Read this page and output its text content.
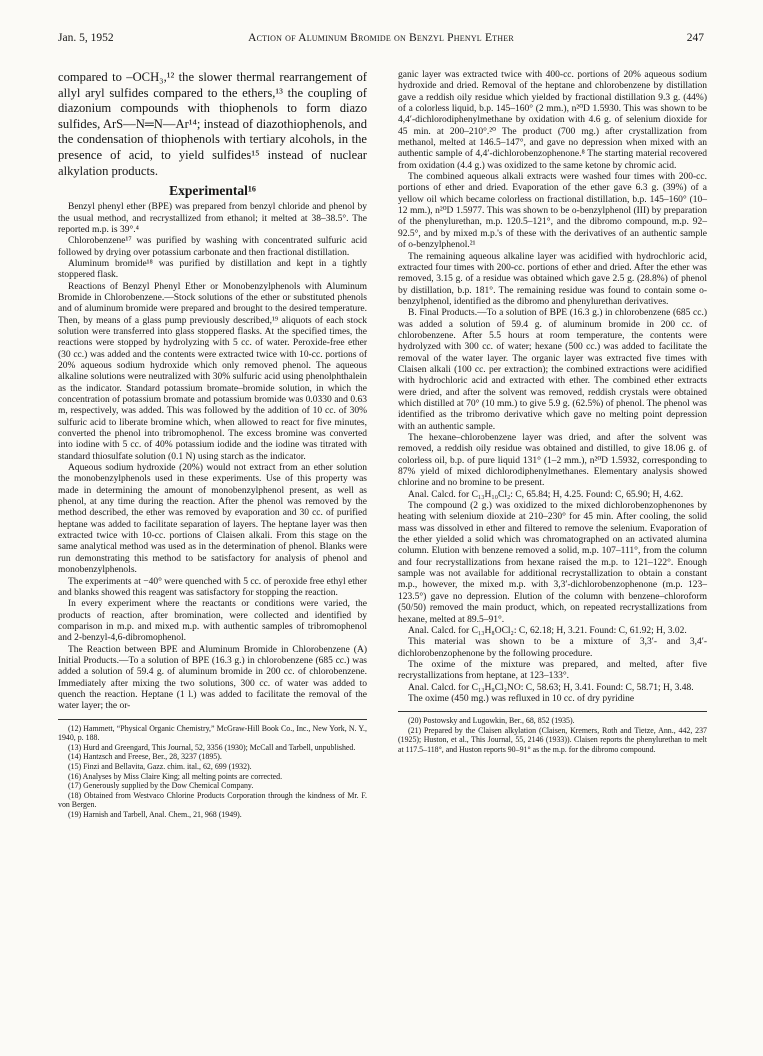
Jan. 5, 1952	Action of Aluminum Bromide on Benzyl Phenyl Ether	247

compared to –OCH₃,¹² the slower thermal rearrangement of allyl aryl sulfides compared to the ethers,¹³ the coupling of diazonium compounds with thiophenols to form diazo sulfides, ArS—N═N—Ar¹⁴; instead of diazothiophenols, and the condensation of thiophenols with tertiary alcohols, in the presence of acid, to yield sulfides¹⁵ instead of nuclear alkylation products.

Experimental¹⁶

Benzyl phenyl ether (BPE) was prepared from benzyl chloride and phenol by the usual method, and recrystallized from ethanol; it melted at 38–38.5°. The reported m.p. is 39°.⁴

Chlorobenzene¹⁷ was purified by washing with concentrated sulfuric acid followed by drying over potassium carbonate and then fractional distillation.

Aluminum bromide¹⁸ was purified by distillation and kept in a tightly stoppered flask.

Reactions of Benzyl Phenyl Ether or Monobenzylphenols with Aluminum Bromide in Chlorobenzene.—Stock solutions of the ether or substituted phenols and of aluminum bromide were prepared and brought to the desired temperature. Then, by means of a glass pump previously described,¹⁹ aliquots of each stock solution were transferred into glass stoppered flasks. At the specified times, the reactions were stopped by hydrolyzing with 5 cc. of water. Peroxide-free ether (30 cc.) was added and the contents were extracted twice with 10-cc. portions of 20% aqueous sodium hydroxide which only removed phenol. The aqueous alkaline solutions were neutralized with 30% sulfuric acid using phenolphthalein as the indicator. Standard potassium bromate–bromide solution, in which the concentration of potassium bromate and potassium bromide was 0.0330 and 0.63 m, respectively, was added. This was followed by the addition of 10 cc. of 30% sulfuric acid to liberate bromine which, when allowed to react for five minutes, converted the phenol into tribromophenol. The excess bromine was converted into iodine with 5 cc. of 40% potassium iodide and the iodine was titrated with standard thiosulfate solution (0.1 N) using starch as the indicator.

Aqueous sodium hydroxide (20%) would not extract from an ether solution the monobenzylphenols used in these experiments. Use of this property was made in determining the amount of monobenzylphenol present, as well as phenol, at any time during the reaction. After the phenol was removed by the method described, the ether was removed by evaporation and 30 cc. of purified heptane was added to facilitate separation of layers. The heptane layer was then extracted twice with 10-cc. portions of Claisen alkali. From this stage on the same analytical method was used as in the determination of phenol. Blanks were run demonstrating this method to be satisfactory for analysis of phenol and monobenzylphenols.

The experiments at −40° were quenched with 5 cc. of peroxide free ethyl ether and blanks showed this reagent was satisfactory for stopping the reaction.

In every experiment where the reactants or conditions were varied, the products of reaction, after bromination, were collected and identified by comparison in m.p. and mixed m.p. with authentic samples of tribromophenol and 2-benzyl-4,6-dibromophenol.

The Reaction between BPE and Aluminum Bromide in Chlorobenzene (A) Initial Products.—To a solution of BPE (16.3 g.) in chlorobenzene (685 cc.) was added a solution of 59.4 g. of aluminum bromide in 200 cc. of chlorobenzene. Immediately after mixing the two solutions, 300 cc. of water was added to quench the reaction. Heptane (1 l.) was added to facilitate the removal of the water layer; the or-

(12) Hammett, “Physical Organic Chemistry,” McGraw-Hill Book Co., Inc., New York, N. Y., 1940, p. 188.

(13) Hurd and Greengard, This Journal, 52, 3356 (1930); McCall and Tarbell, unpublished.

(14) Hantzsch and Freese, Ber., 28, 3237 (1895).

(15) Finzi and Bellavita, Gazz. chim. ital., 62, 699 (1932).

(16) Analyses by Miss Claire King; all melting points are corrected.

(17) Generously supplied by the Dow Chemical Company.

(18) Obtained from Westvaco Chlorine Products Corporation through the kindness of Mr. F. von Bergen.

(19) Harnish and Tarbell, Anal. Chem., 21, 968 (1949).

ganic layer was extracted twice with 400-cc. portions of 20% aqueous sodium hydroxide and dried. Removal of the heptane and chlorobenzene by distillation gave a reddish oily residue which yielded by fractional distillation 9.3 g. (44%) of a colorless liquid, b.p. 145–160° (2 mm.), n²⁰D 1.5930. This was shown to be 4,4′-dichlorodiphenylmethane by oxidation with 4.6 g. of selenium dioxide for 45 min. at 200–210°.²⁰ The product (700 mg.) after crystallization from methanol, melted at 146.5–147°, and gave no depression when mixed with an authentic sample of 4,4′-dichlorobenzophenone.⁸ The starting material recovered from oxidation (4.4 g.) was oxidized to the same ketone by chromic acid.

The combined aqueous alkali extracts were washed four times with 200-cc. portions of ether and dried. Evaporation of the ether gave 6.3 g. (39%) of a yellow oil which became colorless on fractional distillation, b.p. 145–160° (10–12 mm.), n²⁰D 1.5977. This was shown to be o-benzylphenol (III) by preparation of the phenylurethan, m.p. 120.5–121°, and the dibromo compound, m.p. 92–92.5°, and by mixed m.p.'s of these with the derivatives of an authentic sample of o-benzylphenol.²¹

The remaining aqueous alkaline layer was acidified with hydrochloric acid, extracted four times with 200-cc. portions of ether and dried. After the ether was removed, 3.15 g. of a residue was obtained which gave 2.5 g. (28.8%) of phenol by distillation, b.p. 181°. The remaining residue was found to contain some o-benzylphenol, identified as the dibromo and phenylurethan derivatives.

B. Final Products.—To a solution of BPE (16.3 g.) in chlorobenzene (685 cc.) was added a solution of 59.4 g. of aluminum bromide in 200 cc. of chlorobenzene. After 5.5 hours at room temperature, the contents were hydrolyzed with 300 cc. of water; hexane (500 cc.) was added to facilitate the removal of the water layer. The organic layer was extracted five times with Claisen alkali (100 cc. per extraction); the combined extractions were acidified with hydrochloric acid and extracted with ether. The combined ether extracts were dried, and after the solvent was removed, reddish crystals were obtained which distilled at 70° (10 mm.) to give 5.9 g. (62.5%) of phenol. The phenol was identified as the tribromo derivative which gave no melting point depression with an authentic sample.

The hexane–chlorobenzene layer was dried, and after the solvent was removed, a reddish oily residue was obtained and distilled, to give 18.06 g. of colorless oil, b.p. of pure liquid 131° (1–2 mm.), n²⁰D 1.5932, corresponding to 87% yield of mixed dichlorodiphenylmethanes. Elementary analysis showed chlorine and no bromine to be present.

Anal. Calcd. for C₁₃H₁₀Cl₂: C, 65.84; H, 4.25. Found: C, 65.90; H, 4.62.

The compound (2 g.) was oxidized to the mixed dichlorobenzophenones by heating with selenium dioxide at 210–230° for 45 min. After cooling, the solid mass was dissolved in ether and filtered to remove the selenium. Evaporation of the ether yielded a solid which was chromatographed on an activated alumina column. Elution with benzene removed a solid, m.p. 107–111°, from the column and four recrystallizations from hexane raised the m.p. to 121–122°. Enough sample was not available for additional recrystallization to obtain a constant m.p., however, the mixed m.p. with 3,3′-dichlorobenzophenone (m.p. 123–123.5°) gave no depression. Elution of the column with benzene–chloroform (50/50) removed the main product, which, on repeated recrystallizations from hexane, melted at 89.5–91°.

Anal. Calcd. for C₁₃H₈OCl₂: C, 62.18; H, 3.21. Found: C, 61.92; H, 3.02.

This material was shown to be a mixture of 3,3′- and 3,4′-dichlorobenzophenone by the following procedure.

The oxime of the mixture was prepared, and melted, after five recrystallizations from heptane, at 123–133°.

Anal. Calcd. for C₁₃H₉Cl₂NO: C, 58.63; H, 3.41. Found: C, 58.71; H, 3.48.

The oxime (450 mg.) was refluxed in 10 cc. of dry pyridine

(20) Postowsky and Lugowkin, Ber., 68, 852 (1935).

(21) Prepared by the Claisen alkylation (Claisen, Kremers, Roth and Tietze, Ann., 442, 237 (1925); Huston, et al., This Journal, 55, 2146 (1933)). Claisen reports the phenylurethan to melt at 117.5–118°, and Huston reports 90–91° as the m.p. for the dibromo compound.
